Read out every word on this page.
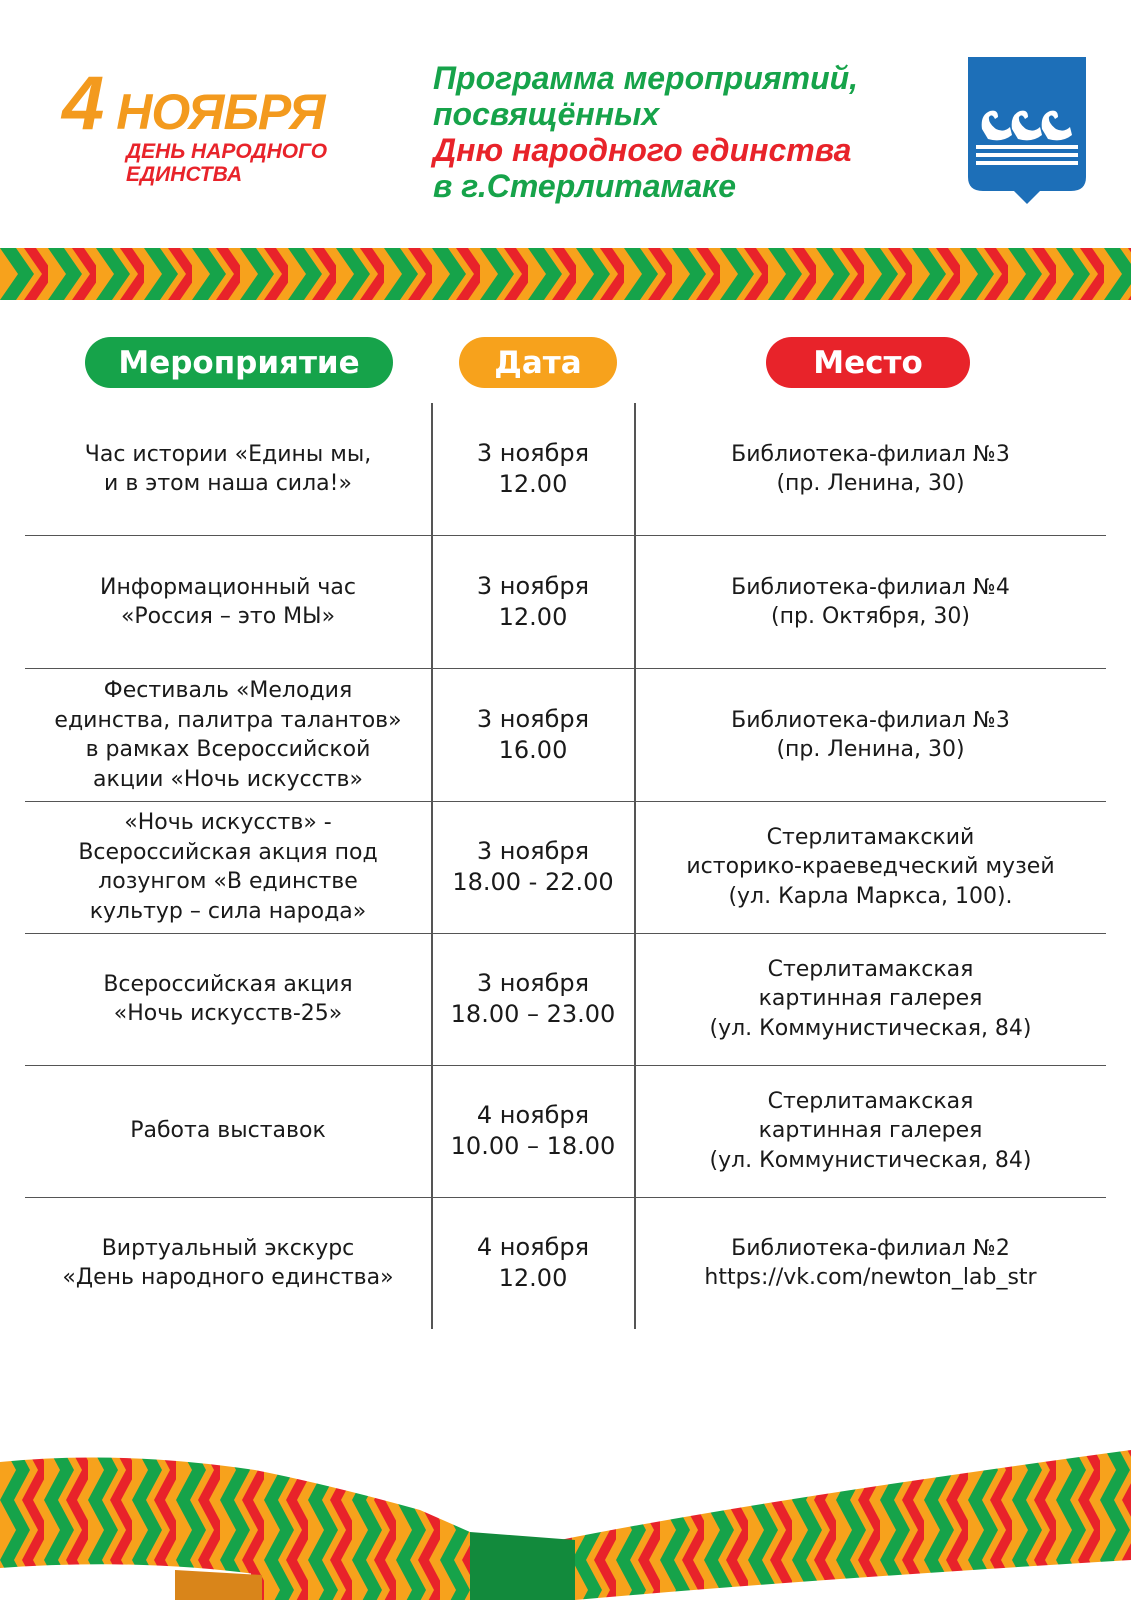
4 НОЯБРЯ
ДЕНЬ НАРОДНОГО
ЕДИНСТВА
Программа мероприятий,
посвящённых
Дню народного единства
в г.Стерлитамаке
Мероприятие	Дата	Место
Час истории «Едины мы,
и в этом наша сила!»
3 ноября
12.00
Библиотека-филиал №3
(пр. Ленина, 30)
Информационный час
«Россия – это МЫ»
3 ноября
12.00
Библиотека-филиал №4
(пр. Октября, 30)
Фестиваль «Мелодия
единства, палитра талантов»
в рамках Всероссийской
акции «Ночь искусств»
3 ноября
16.00
Библиотека-филиал №3
(пр. Ленина, 30)
«Ночь искусств» -
Всероссийская акция под
лозунгом «В единстве
культур – сила народа»
3 ноября
18.00 - 22.00
Стерлитамакский
историко-краеведческий музей
(ул. Карла Маркса, 100).
Всероссийская акция
«Ночь искусств-25»
3 ноября
18.00 – 23.00
Стерлитамакская
картинная галерея
(ул. Коммунистическая, 84)
Работа выставок
4 ноября
10.00 – 18.00
Стерлитамакская
картинная галерея
(ул. Коммунистическая, 84)
Виртуальный экскурс
«День народного единства»
4 ноября
12.00
Библиотека-филиал №2
https://vk.com/newton_lab_str
